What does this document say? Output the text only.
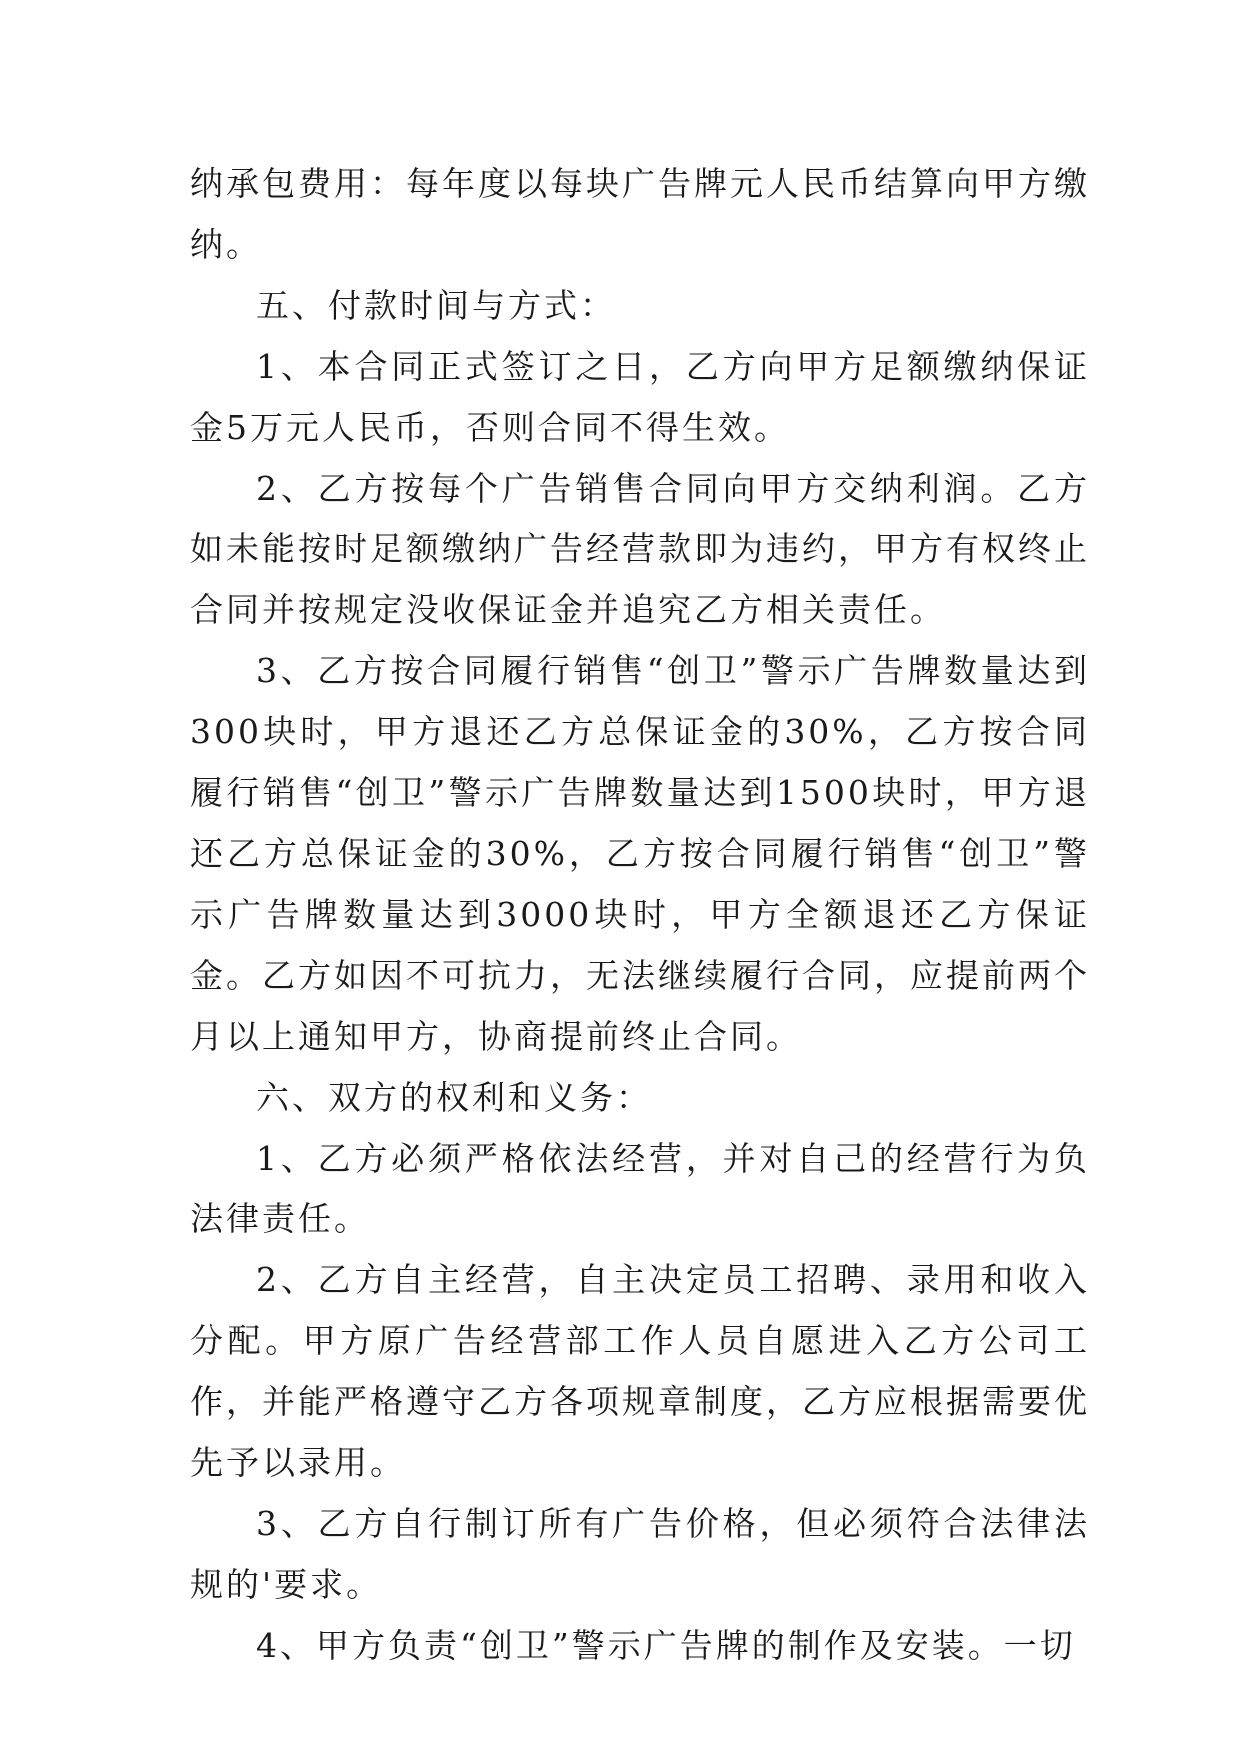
纳承包费用：每年度以每块广告牌元人民币结算向甲方缴纳。

五、付款时间与方式：

1、本合同正式签订之日，乙方向甲方足额缴纳保证金5万元人民币，否则合同不得生效。

2、乙方按每个广告销售合同向甲方交纳利润。乙方如未能按时足额缴纳广告经营款即为违约，甲方有权终止合同并按规定没收保证金并追究乙方相关责任。

3、乙方按合同履行销售“创卫”警示广告牌数量达到300块时，甲方退还乙方总保证金的30%，乙方按合同履行销售“创卫”警示广告牌数量达到1500块时，甲方退还乙方总保证金的30%，乙方按合同履行销售“创卫”警示广告牌数量达到3000块时，甲方全额退还乙方保证金。乙方如因不可抗力，无法继续履行合同，应提前两个月以上通知甲方，协商提前终止合同。

六、双方的权利和义务：

1、乙方必须严格依法经营，并对自己的经营行为负法律责任。

2、乙方自主经营，自主决定员工招聘、录用和收入分配。甲方原广告经营部工作人员自愿进入乙方公司工作，并能严格遵守乙方各项规章制度，乙方应根据需要优先予以录用。

3、乙方自行制订所有广告价格，但必须符合法律法规的'要求。

4、甲方负责“创卫”警示广告牌的制作及安装。一切
